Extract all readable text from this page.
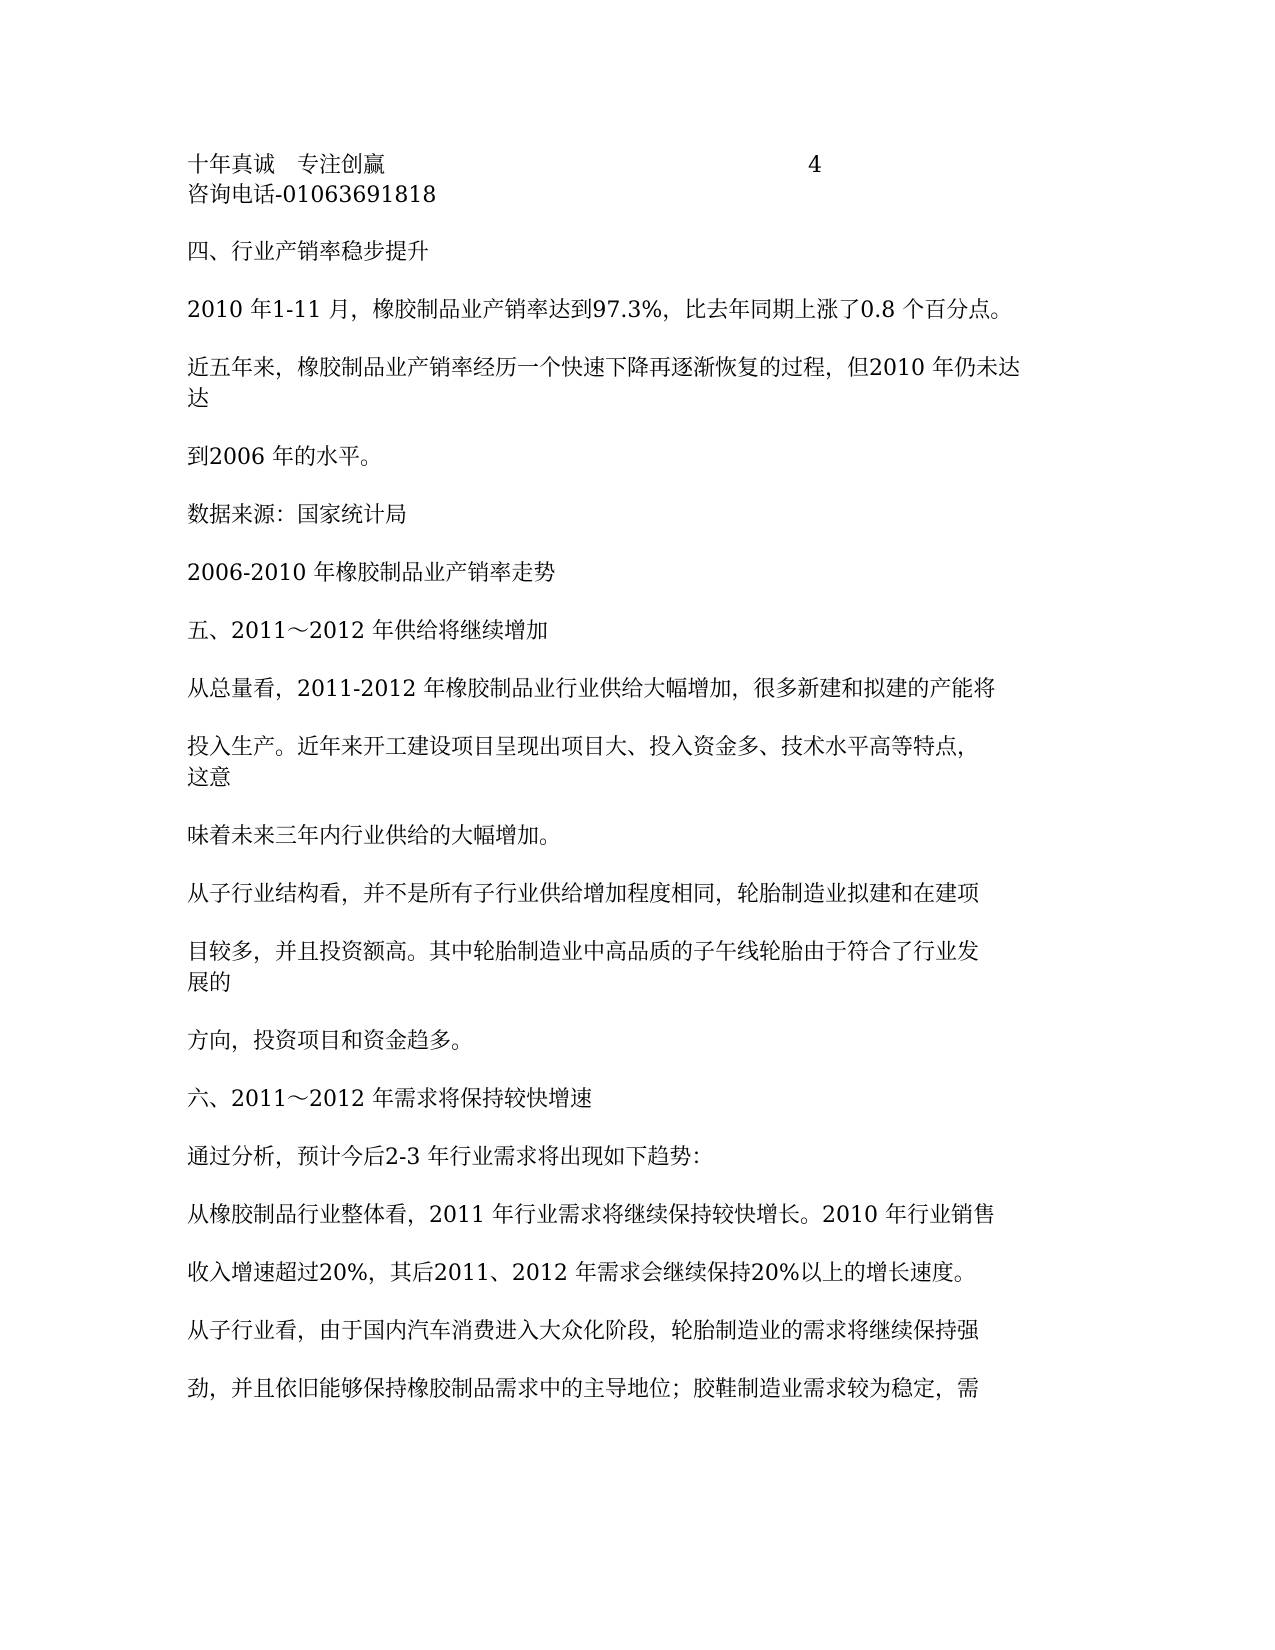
十年真诚　专注创赢	4

咨询电话-01063691818

四、行业产销率稳步提升

2010 年1-11 月，橡胶制品业产销率达到97.3%，比去年同期上涨了0.8 个百分点。

近五年来，橡胶制品业产销率经历一个快速下降再逐渐恢复的过程，但2010 年仍未达

达

到2006 年的水平。

数据来源：国家统计局

2006-2010 年橡胶制品业产销率走势

五、2011～2012 年供给将继续增加

从总量看，2011-2012 年橡胶制品业行业供给大幅增加，很多新建和拟建的产能将

投入生产。近年来开工建设项目呈现出项目大、投入资金多、技术水平高等特点，

这意

味着未来三年内行业供给的大幅增加。

从子行业结构看，并不是所有子行业供给增加程度相同，轮胎制造业拟建和在建项

目较多，并且投资额高。其中轮胎制造业中高品质的子午线轮胎由于符合了行业发

展的

方向，投资项目和资金趋多。

六、2011～2012 年需求将保持较快增速

通过分析，预计今后2-3 年行业需求将出现如下趋势：

从橡胶制品行业整体看，2011 年行业需求将继续保持较快增长。2010 年行业销售

收入增速超过20%，其后2011、2012 年需求会继续保持20%以上的增长速度。

从子行业看，由于国内汽车消费进入大众化阶段，轮胎制造业的需求将继续保持强

劲，并且依旧能够保持橡胶制品需求中的主导地位；胶鞋制造业需求较为稳定，需
